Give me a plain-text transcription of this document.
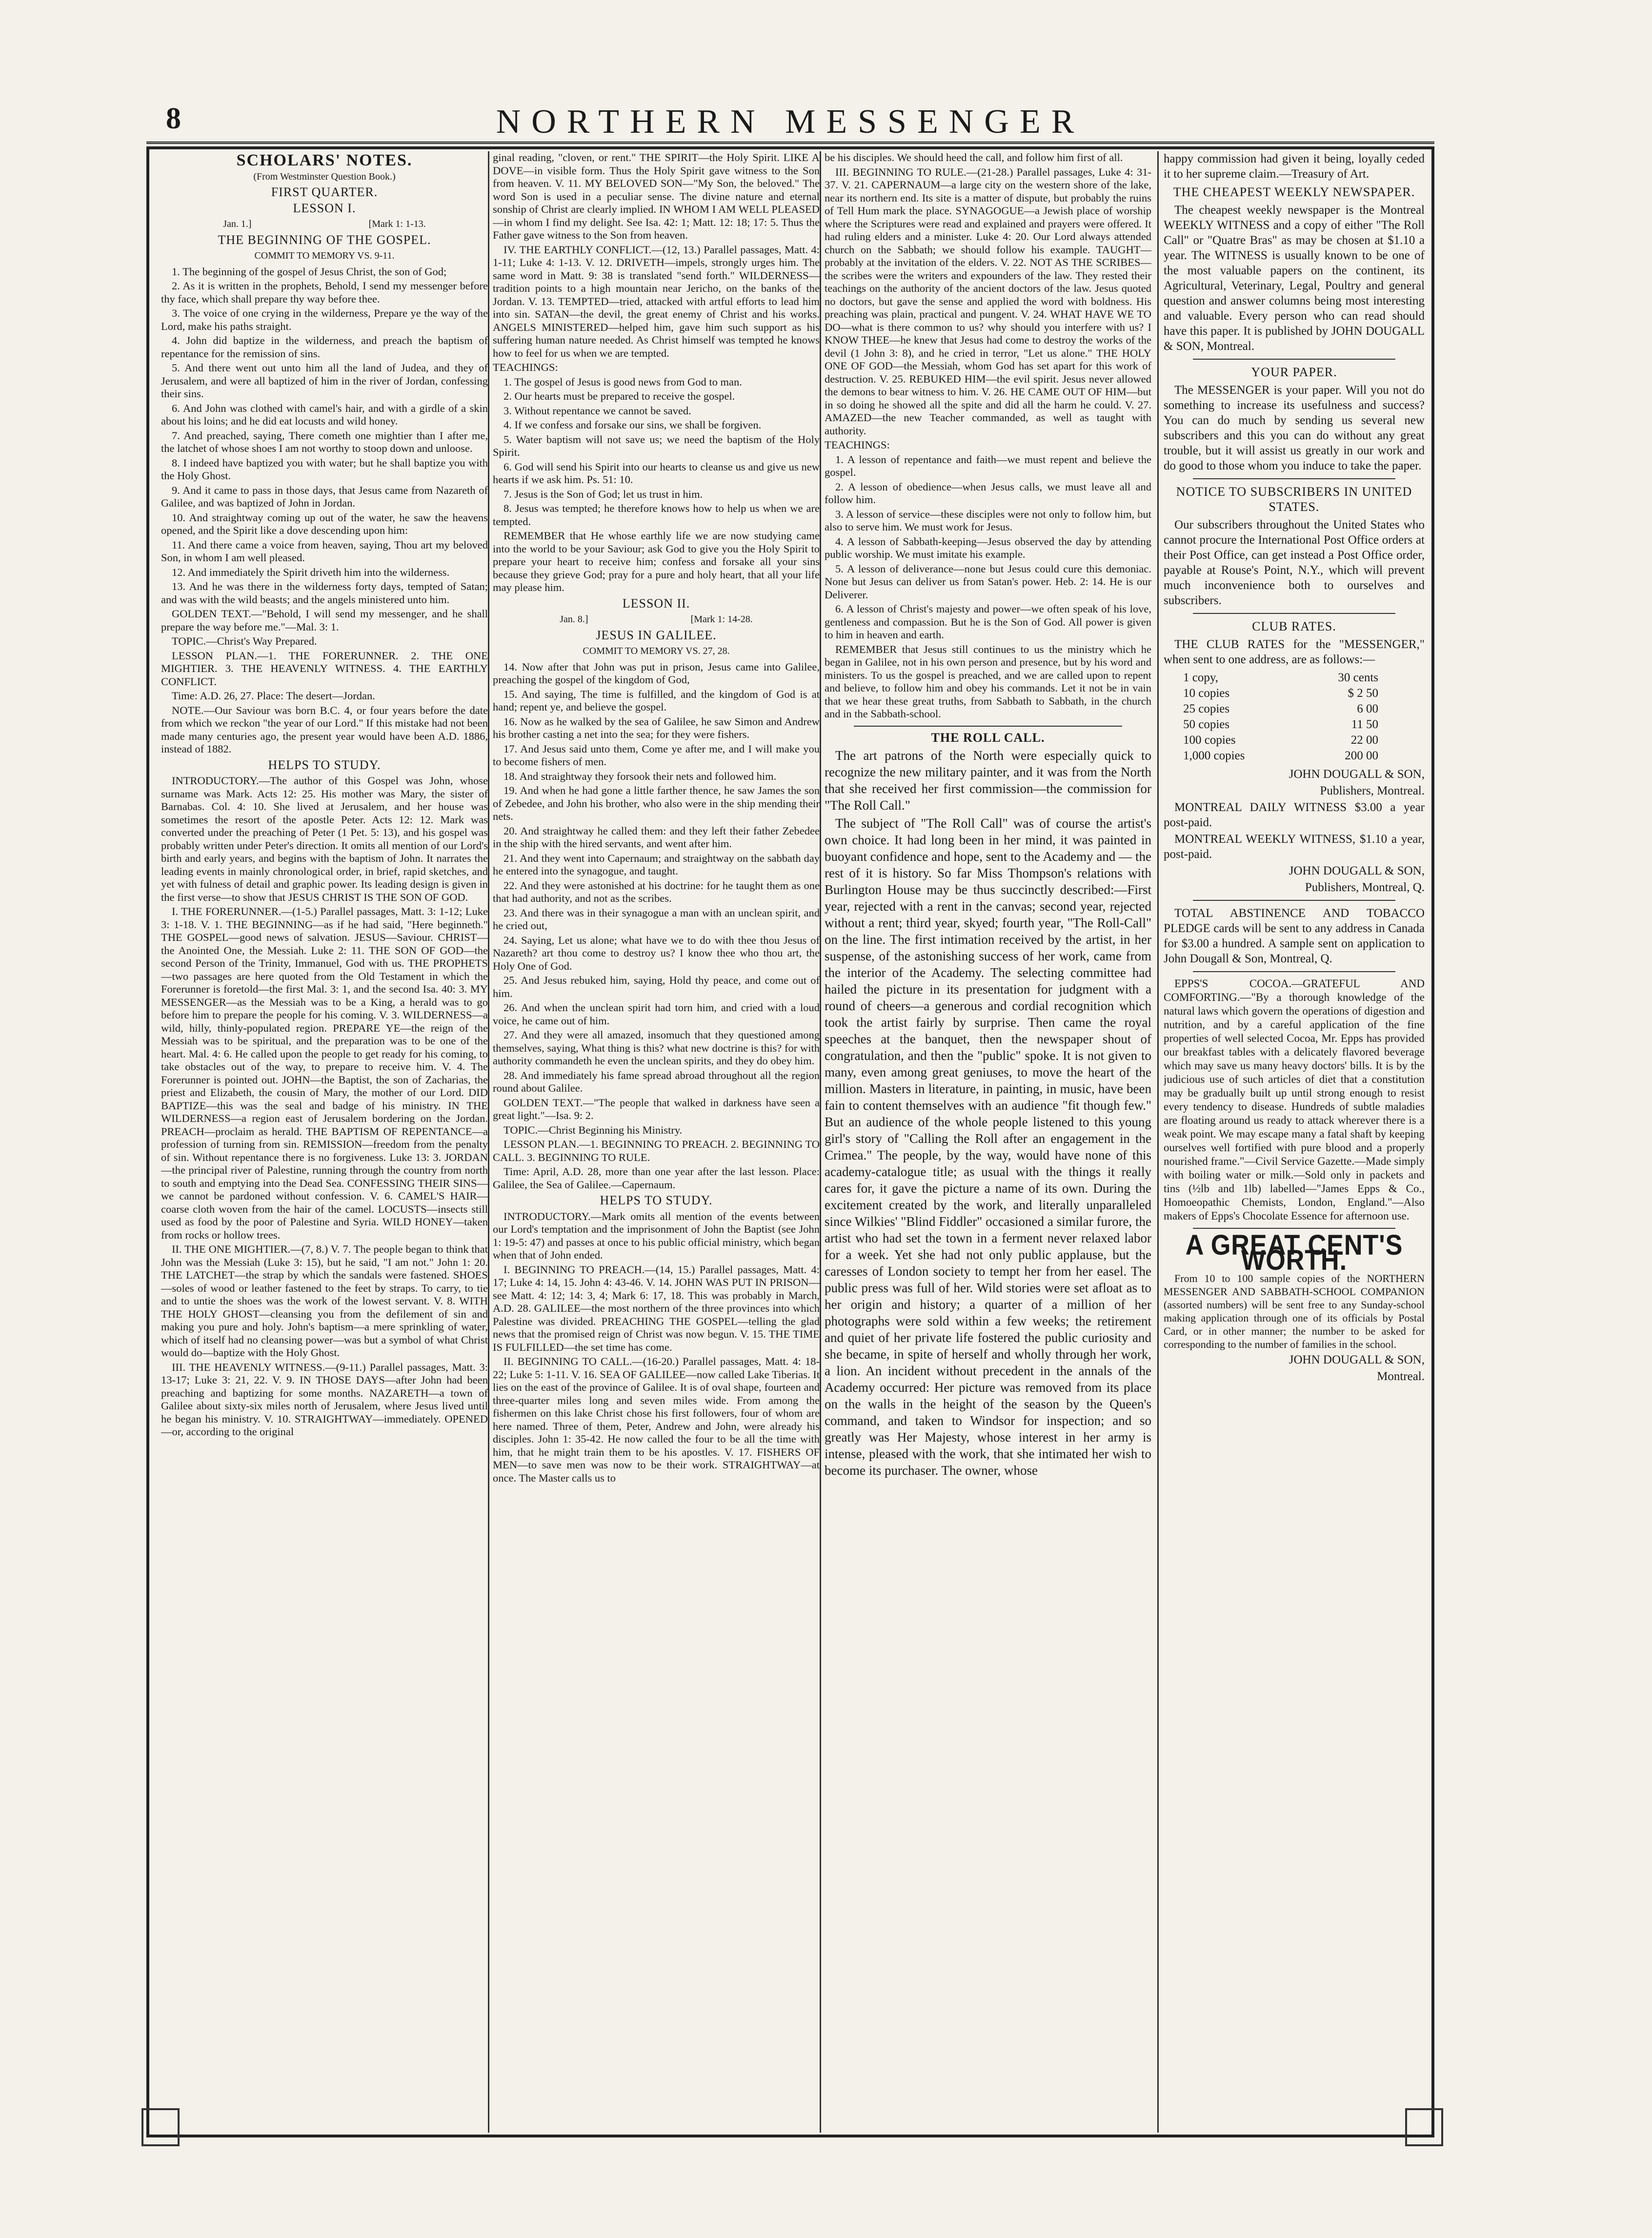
8	NORTHERN MESSENGER

SCHOLARS' NOTES.

(From Westminster Question Book.)

FIRST QUARTER.

LESSON I.

Jan. 1.]                                                [Mark 1: 1-13.

THE BEGINNING OF THE GOSPEL.

COMMIT TO MEMORY VS. 9-11.

1. The beginning of the gospel of Jesus Christ, the son of God;

2. As it is written in the prophets, Behold, I send my messenger before thy face, which shall prepare thy way before thee.

3. The voice of one crying in the wilderness, Prepare ye the way of the Lord, make his paths straight.

4. John did baptize in the wilderness, and preach the baptism of repentance for the remission of sins.

5. And there went out unto him all the land of Judea, and they of Jerusalem, and were all baptized of him in the river of Jordan, confessing their sins.

6. And John was clothed with camel's hair, and with a girdle of a skin about his loins; and he did eat locusts and wild honey.

7. And preached, saying, There cometh one mightier than I after me, the latchet of whose shoes I am not worthy to stoop down and unloose.

8. I indeed have baptized you with water; but he shall baptize you with the Holy Ghost.

9. And it came to pass in those days, that Jesus came from Nazareth of Galilee, and was baptized of John in Jordan.

10. And straightway coming up out of the water, he saw the heavens opened, and the Spirit like a dove descending upon him:

11. And there came a voice from heaven, saying, Thou art my beloved Son, in whom I am well pleased.

12. And immediately the Spirit driveth him into the wilderness.

13. And he was there in the wilderness forty days, tempted of Satan; and was with the wild beasts; and the angels ministered unto him.

GOLDEN TEXT.—"Behold, I will send my messenger, and he shall prepare the way before me."—Mal. 3: 1.

TOPIC.—Christ's Way Prepared.

LESSON PLAN.—1. THE FORERUNNER. 2. THE ONE MIGHTIER. 3. THE HEAVENLY WITNESS. 4. THE EARTHLY CONFLICT.

Time: A.D. 26, 27. Place: The desert—Jordan.

NOTE.—Our Saviour was born B.C. 4, or four years before the date from which we reckon "the year of our Lord." If this mistake had not been made many centuries ago, the present year would have been A.D. 1886, instead of 1882.

HELPS TO STUDY.

INTRODUCTORY.—The author of this Gospel was John, whose surname was Mark. Acts 12: 25. His mother was Mary, the sister of Barnabas. Col. 4: 10. She lived at Jerusalem, and her house was sometimes the resort of the apostle Peter. Acts 12: 12. Mark was converted under the preaching of Peter (1 Pet. 5: 13), and his gospel was probably written under Peter's direction. It omits all mention of our Lord's birth and early years, and begins with the baptism of John. It narrates the leading events in mainly chronological order, in brief, rapid sketches, and yet with fulness of detail and graphic power. Its leading design is given in the first verse—to show that JESUS CHRIST IS THE SON OF GOD.

I. THE FORERUNNER.—(1-5.) Parallel passages, Matt. 3: 1-12; Luke 3: 1-18. V. 1. THE BEGINNING—as if he had said, "Here beginneth." THE GOSPEL—good news of salvation. JESUS—Saviour. CHRIST—the Anointed One, the Messiah. Luke 2: 11. THE SON OF GOD—the second Person of the Trinity, Immanuel, God with us. THE PROPHETS—two passages are here quoted from the Old Testament in which the Forerunner is foretold—the first Mal. 3: 1, and the second Isa. 40: 3. MY MESSENGER—as the Messiah was to be a King, a herald was to go before him to prepare the people for his coming. V. 3. WILDERNESS—a wild, hilly, thinly-populated region. PREPARE YE—the reign of the Messiah was to be spiritual, and the preparation was to be one of the heart. Mal. 4: 6. He called upon the people to get ready for his coming, to take obstacles out of the way, to prepare to receive him. V. 4. The Forerunner is pointed out. JOHN—the Baptist, the son of Zacharias, the priest and Elizabeth, the cousin of Mary, the mother of our Lord. DID BAPTIZE—this was the seal and badge of his ministry. IN THE WILDERNESS—a region east of Jerusalem bordering on the Jordan. PREACH—proclaim as herald. THE BAPTISM OF REPENTANCE—a profession of turning from sin. REMISSION—freedom from the penalty of sin. Without repentance there is no forgiveness. Luke 13: 3. JORDAN—the principal river of Palestine, running through the country from north to south and emptying into the Dead Sea. CONFESSING THEIR SINS—we cannot be pardoned without confession. V. 6. CAMEL'S HAIR—coarse cloth woven from the hair of the camel. LOCUSTS—insects still used as food by the poor of Palestine and Syria. WILD HONEY—taken from rocks or hollow trees.

II. THE ONE MIGHTIER.—(7, 8.) V. 7. The people began to think that John was the Messiah (Luke 3: 15), but he said, "I am not." John 1: 20. THE LATCHET—the strap by which the sandals were fastened. SHOES—soles of wood or leather fastened to the feet by straps. To carry, to tie and to untie the shoes was the work of the lowest servant. V. 8. WITH THE HOLY GHOST—cleansing you from the defilement of sin and making you pure and holy. John's baptism—a mere sprinkling of water, which of itself had no cleansing power—was but a symbol of what Christ would do—baptize with the Holy Ghost.

III. THE HEAVENLY WITNESS.—(9-11.) Parallel passages, Matt. 3: 13-17; Luke 3: 21, 22. V. 9. IN THOSE DAYS—after John had been preaching and baptizing for some months. NAZARETH—a town of Galilee about sixty-six miles north of Jerusalem, where Jesus lived until he began his ministry. V. 10. STRAIGHTWAY—immediately. OPENED—or, according to the original

ginal reading, "cloven, or rent." THE SPIRIT—the Holy Spirit. LIKE A DOVE—in visible form. Thus the Holy Spirit gave witness to the Son from heaven. V. 11. MY BELOVED SON—"My Son, the beloved." The word Son is used in a peculiar sense. The divine nature and eternal sonship of Christ are clearly implied. IN WHOM I AM WELL PLEASED—in whom I find my delight. See Isa. 42: 1; Matt. 12: 18; 17: 5. Thus the Father gave witness to the Son from heaven.

IV. THE EARTHLY CONFLICT.—(12, 13.) Parallel passages, Matt. 4: 1-11; Luke 4: 1-13. V. 12. DRIVETH—impels, strongly urges him. The same word in Matt. 9: 38 is translated "send forth." WILDERNESS—tradition points to a high mountain near Jericho, on the banks of the Jordan. V. 13. TEMPTED—tried, attacked with artful efforts to lead him into sin. SATAN—the devil, the great enemy of Christ and his works. ANGELS MINISTERED—helped him, gave him such support as his suffering human nature needed. As Christ himself was tempted he knows how to feel for us when we are tempted.

TEACHINGS:

1. The gospel of Jesus is good news from God to man.

2. Our hearts must be prepared to receive the gospel.

3. Without repentance we cannot be saved.

4. If we confess and forsake our sins, we shall be forgiven.

5. Water baptism will not save us; we need the baptism of the Holy Spirit.

6. God will send his Spirit into our hearts to cleanse us and give us new hearts if we ask him. Ps. 51: 10.

7. Jesus is the Son of God; let us trust in him.

8. Jesus was tempted; he therefore knows how to help us when we are tempted.

REMEMBER that He whose earthly life we are now studying came into the world to be your Saviour; ask God to give you the Holy Spirit to prepare your heart to receive him; confess and forsake all your sins because they grieve God; pray for a pure and holy heart, that all your life may please him.

LESSON II.

Jan. 8.]                                          [Mark 1: 14-28.

JESUS IN GALILEE.

COMMIT TO MEMORY VS. 27, 28.

14. Now after that John was put in prison, Jesus came into Galilee, preaching the gospel of the kingdom of God,

15. And saying, The time is fulfilled, and the kingdom of God is at hand; repent ye, and believe the gospel.

16. Now as he walked by the sea of Galilee, he saw Simon and Andrew his brother casting a net into the sea; for they were fishers.

17. And Jesus said unto them, Come ye after me, and I will make you to become fishers of men.

18. And straightway they forsook their nets and followed him.

19. And when he had gone a little farther thence, he saw James the son of Zebedee, and John his brother, who also were in the ship mending their nets.

20. And straightway he called them: and they left their father Zebedee in the ship with the hired servants, and went after him.

21. And they went into Capernaum; and straightway on the sabbath day he entered into the synagogue, and taught.

22. And they were astonished at his doctrine: for he taught them as one that had authority, and not as the scribes.

23. And there was in their synagogue a man with an unclean spirit, and he cried out,

24. Saying, Let us alone; what have we to do with thee thou Jesus of Nazareth? art thou come to destroy us? I know thee who thou art, the Holy One of God.

25. And Jesus rebuked him, saying, Hold thy peace, and come out of him.

26. And when the unclean spirit had torn him, and cried with a loud voice, he came out of him.

27. And they were all amazed, insomuch that they questioned among themselves, saying, What thing is this? what new doctrine is this? for with authority commandeth he even the unclean spirits, and they do obey him.

28. And immediately his fame spread abroad throughout all the region round about Galilee.

GOLDEN TEXT.—"The people that walked in darkness have seen a great light."—Isa. 9: 2.

TOPIC.—Christ Beginning his Ministry.

LESSON PLAN.—1. BEGINNING TO PREACH. 2. BEGINNING TO CALL. 3. BEGINNING TO RULE.

Time: April, A.D. 28, more than one year after the last lesson. Place: Galilee, the Sea of Galilee.—Capernaum.

HELPS TO STUDY.

INTRODUCTORY.—Mark omits all mention of the events between our Lord's temptation and the imprisonment of John the Baptist (see John 1: 19-5: 47) and passes at once to his public official ministry, which began when that of John ended.

I. BEGINNING TO PREACH.—(14, 15.) Parallel passages, Matt. 4: 17; Luke 4: 14, 15. John 4: 43-46. V. 14. JOHN WAS PUT IN PRISON—see Matt. 4: 12; 14: 3, 4; Mark 6: 17, 18. This was probably in March, A.D. 28. GALILEE—the most northern of the three provinces into which Palestine was divided. PREACHING THE GOSPEL—telling the glad news that the promised reign of Christ was now begun. V. 15. THE TIME IS FULFILLED—the set time has come.

II. BEGINNING TO CALL.—(16-20.) Parallel passages, Matt. 4: 18-22; Luke 5: 1-11. V. 16. SEA OF GALILEE—now called Lake Tiberias. It lies on the east of the province of Galilee. It is of oval shape, fourteen and three-quarter miles long and seven miles wide. From among the fishermen on this lake Christ chose his first followers, four of whom are here named. Three of them, Peter, Andrew and John, were already his disciples. John 1: 35-42. He now called the four to be all the time with him, that he might train them to be his apostles. V. 17. FISHERS OF MEN—to save men was now to be their work. STRAIGHTWAY—at once. The Master calls us to

be his disciples. We should heed the call, and follow him first of all.

III. BEGINNING TO RULE.—(21-28.) Parallel passages, Luke 4: 31-37. V. 21. CAPERNAUM—a large city on the western shore of the lake, near its northern end. Its site is a matter of dispute, but probably the ruins of Tell Hum mark the place. SYNAGOGUE—a Jewish place of worship where the Scriptures were read and explained and prayers were offered. It had ruling elders and a minister. Luke 4: 20. Our Lord always attended church on the Sabbath; we should follow his example. TAUGHT—probably at the invitation of the elders. V. 22. NOT AS THE SCRIBES—the scribes were the writers and expounders of the law. They rested their teachings on the authority of the ancient doctors of the law. Jesus quoted no doctors, but gave the sense and applied the word with boldness. His preaching was plain, practical and pungent. V. 24. WHAT HAVE WE TO DO—what is there common to us? why should you interfere with us? I KNOW THEE—he knew that Jesus had come to destroy the works of the devil (1 John 3: 8), and he cried in terror, "Let us alone." THE HOLY ONE OF GOD—the Messiah, whom God has set apart for this work of destruction. V. 25. REBUKED HIM—the evil spirit. Jesus never allowed the demons to bear witness to him. V. 26. HE CAME OUT OF HIM—but in so doing he showed all the spite and did all the harm he could. V. 27. AMAZED—the new Teacher commanded, as well as taught with authority.

TEACHINGS:

1. A lesson of repentance and faith—we must repent and believe the gospel.

2. A lesson of obedience—when Jesus calls, we must leave all and follow him.

3. A lesson of service—these disciples were not only to follow him, but also to serve him. We must work for Jesus.

4. A lesson of Sabbath-keeping—Jesus observed the day by attending public worship. We must imitate his example.

5. A lesson of deliverance—none but Jesus could cure this demoniac. None but Jesus can deliver us from Satan's power. Heb. 2: 14. He is our Deliverer.

6. A lesson of Christ's majesty and power—we often speak of his love, gentleness and compassion. But he is the Son of God. All power is given to him in heaven and earth.

REMEMBER that Jesus still continues to us the ministry which he began in Galilee, not in his own person and presence, but by his word and ministers. To us the gospel is preached, and we are called upon to repent and believe, to follow him and obey his commands. Let it not be in vain that we hear these great truths, from Sabbath to Sabbath, in the church and in the Sabbath-school.

THE ROLL CALL.

The art patrons of the North were especially quick to recognize the new military painter, and it was from the North that she received her first commission—the commission for "The Roll Call."

The subject of "The Roll Call" was of course the artist's own choice. It had long been in her mind, it was painted in buoyant confidence and hope, sent to the Academy and — the rest of it is history. So far Miss Thompson's relations with Burlington House may be thus succinctly described:—First year, rejected with a rent in the canvas; second year, rejected without a rent; third year, skyed; fourth year, "The Roll-Call" on the line. The first intimation received by the artist, in her suspense, of the astonishing success of her work, came from the interior of the Academy. The selecting committee had hailed the picture in its presentation for judgment with a round of cheers—a generous and cordial recognition which took the artist fairly by surprise. Then came the royal speeches at the banquet, then the newspaper shout of congratulation, and then the "public" spoke. It is not given to many, even among great geniuses, to move the heart of the million. Masters in literature, in painting, in music, have been fain to content themselves with an audience "fit though few." But an audience of the whole people listened to this young girl's story of "Calling the Roll after an engagement in the Crimea." The people, by the way, would have none of this academy-catalogue title; as usual with the things it really cares for, it gave the picture a name of its own. During the excitement created by the work, and literally unparalleled since Wilkies' "Blind Fiddler" occasioned a similar furore, the artist who had set the town in a ferment never relaxed labor for a week. Yet she had not only public applause, but the caresses of London society to tempt her from her easel. The public press was full of her. Wild stories were set afloat as to her origin and history; a quarter of a million of her photographs were sold within a few weeks; the retirement and quiet of her private life fostered the public curiosity and she became, in spite of herself and wholly through her work, a lion. An incident without precedent in the annals of the Academy occurred: Her picture was removed from its place on the walls in the height of the season by the Queen's command, and taken to Windsor for inspection; and so greatly was Her Majesty, whose interest in her army is intense, pleased with the work, that she intimated her wish to become its purchaser. The owner, whose

happy commission had given it being, loyally ceded it to her supreme claim.—Treasury of Art.

THE CHEAPEST WEEKLY NEWSPAPER.

The cheapest weekly newspaper is the Montreal WEEKLY WITNESS and a copy of either "The Roll Call" or "Quatre Bras" as may be chosen at $1.10 a year. The WITNESS is usually known to be one of the most valuable papers on the continent, its Agricultural, Veterinary, Legal, Poultry and general question and answer columns being most interesting and valuable. Every person who can read should have this paper. It is published by JOHN DOUGALL & SON, Montreal.

YOUR PAPER.

The MESSENGER is your paper. Will you not do something to increase its usefulness and success? You can do much by sending us several new subscribers and this you can do without any great trouble, but it will assist us greatly in our work and do good to those whom you induce to take the paper.

NOTICE TO SUBSCRIBERS IN UNITED STATES.

Our subscribers throughout the United States who cannot procure the International Post Office orders at their Post Office, can get instead a Post Office order, payable at Rouse's Point, N.Y., which will prevent much inconvenience both to ourselves and subscribers.

CLUB RATES.

THE CLUB RATES for the "MESSENGER," when sent to one address, are as follows:—

1 copy,	30 cents
10 copies	$ 2 50
25 copies	6 00
50 copies	11 50
100 copies	22 00
1,000 copies	200 00

JOHN DOUGALL & SON,

Publishers, Montreal.

MONTREAL DAILY WITNESS $3.00 a year post-paid.

MONTREAL WEEKLY WITNESS, $1.10 a year, post-paid.

JOHN DOUGALL & SON,

Publishers, Montreal, Q.

TOTAL ABSTINENCE AND TOBACCO PLEDGE cards will be sent to any address in Canada for $3.00 a hundred. A sample sent on application to John Dougall & Son, Montreal, Q.

EPPS'S COCOA.—GRATEFUL AND COMFORTING.—"By a thorough knowledge of the natural laws which govern the operations of digestion and nutrition, and by a careful application of the fine properties of well selected Cocoa, Mr. Epps has provided our breakfast tables with a delicately flavored beverage which may save us many heavy doctors' bills. It is by the judicious use of such articles of diet that a constitution may be gradually built up until strong enough to resist every tendency to disease. Hundreds of subtle maladies are floating around us ready to attack wherever there is a weak point. We may escape many a fatal shaft by keeping ourselves well fortified with pure blood and a properly nourished frame."—Civil Service Gazette.—Made simply with boiling water or milk.—Sold only in packets and tins (½lb and 1lb) labelled—"James Epps & Co., Homoeopathic Chemists, London, England."—Also makers of Epps's Chocolate Essence for afternoon use.

A GREAT CENT'S WORTH.

From 10 to 100 sample copies of the NORTHERN MESSENGER AND SABBATH-SCHOOL COMPANION (assorted numbers) will be sent free to any Sunday-school making application through one of its officials by Postal Card, or in other manner; the number to be asked for corresponding to the number of families in the school.

JOHN DOUGALL & SON,

Montreal.
